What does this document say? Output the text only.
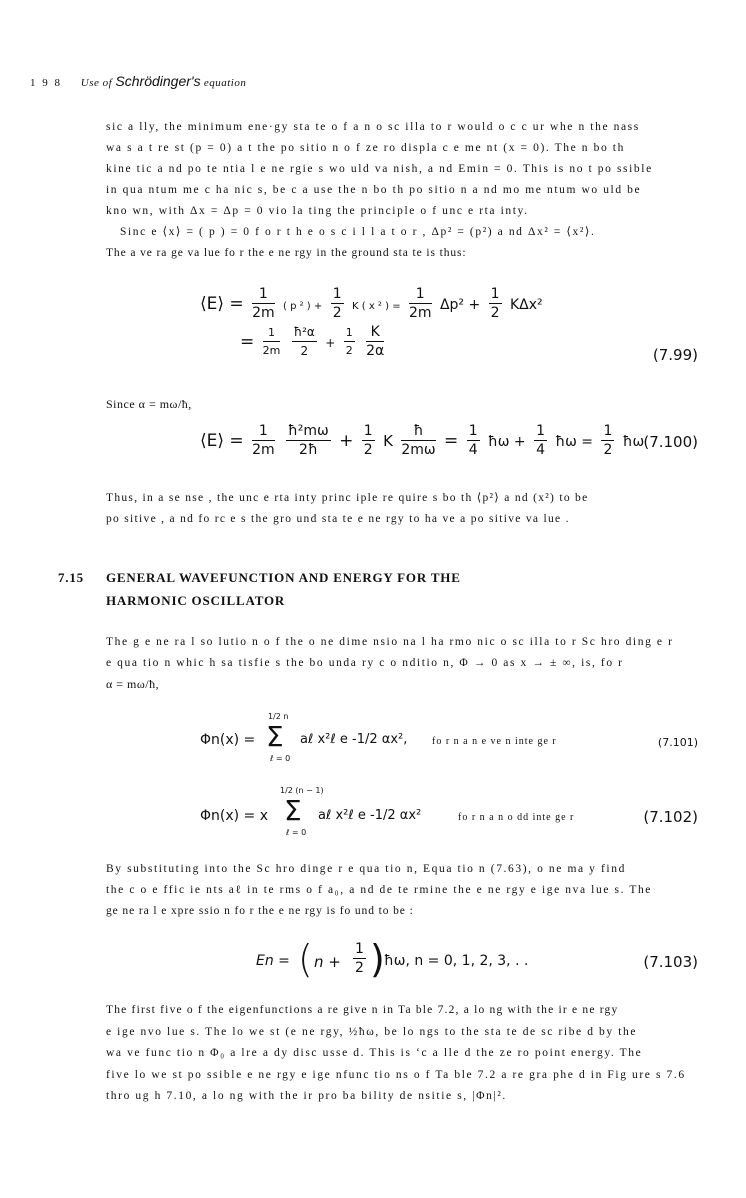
1 9 8 Use of Schrödinger's equation
sic a lly, the minimum ene·gy sta te o f a n o sc illa to r would o c c ur whe n the nass
wa s a t re st (p = 0) a t the po sitio n o f ze ro displa c e me nt (x = 0). The n bo th
kine tic a nd po te ntia l e ne rgie s wo uld va nish, a nd Emin = 0. This is no t po ssible
in qua ntum me c ha nic s, be c a use the n bo th po sitio n a nd mo me ntum wo uld be
kno wn, with Δx = Δp = 0 vio la ting the principle o f unc e rta inty.
Sinc e ⟨x⟩ = ( p ) = 0 f o r t h e o s c i l l a t o r , Δp² = (p²) a nd Δx² = ⟨x²⟩.
The a ve ra ge va lue fo r the e ne rgy in the ground sta te is thus:
⟨E⟩ = $\frac{1}{2m}$ ( p ² ) + $\frac{1}{2}$ K ( x ² ) = $\frac{1}{2m} \Delta p^2 + \frac{1}{2} K\Delta x^2$
= $\frac{1}{2m}$
$\frac{\text{ħ²α}}{2} + \frac{1}{2}$
$\frac{K}{2\alpha}$	(7.99)
Since α = mω/ħ,
⟨E⟩ = $\frac{1}{2m}$
$\frac{\text{ħ²mω}}{2ħ} + \frac{1}{2}$ K $\frac{ħ}{2m\omega} = \frac{1}{4}$ ħω + $\frac{1}{4}$ ħω = $\frac{1}{2}$ ħω (7.100)
Thus, in a se nse , the unc e rta inty princ iple re quire s bo th ⟨p²⟩ a nd (x²) to be
po sitive , a nd fo rc e s the gro und sta te e ne rgy to ha ve a po sitive va lue .
7.15 GENERAL WAVEFUNCTION AND ENERGY FOR THE
HARMONIC OSCILLATOR
The g e ne ra l so lutio n o f the o ne dime nsio na l ha rmo nic o sc illa to r Sc hro ding e r
e qua tio n whic h sa tisfie s the bo unda ry c o nditio n, Φ → 0 as x → ± ∞, is, fo r
α = mω/ħ,
Φn(x) =
1/2 n
Σ
ℓ = 0
aℓ x²ℓ e -1/2 αx², fo r n a n e ve n inte ge r	(7.101)
Φn(x) = x
1/2 (n − 1)
Σ
ℓ = 0
aℓ x²ℓ e -1/2 αx²	fo r n a n o dd inte ge r	(7.102)
By substituting into the Sc hro dinge r e qua tio n, Equa tio n (7.63), o ne ma y find
the c o e ffic ie nts aℓ in te rms o f a₀, a nd de te rmine the e ne rgy e ige nva lue s. The
ge ne ra l e xpre ssio n fo r the e ne rgy is fo und to be :
En = ( $n + \frac{1}{2}$ ) ħω, n = 0, 1, 2, 3, . .	(7.103)
The first five o f the eigenfunctions a re give n in Ta ble 7.2, a lo ng with the ir e ne rgy
e ige nvo lue s. The lo we st (e ne rgy, ½ħω, be lo ngs to the sta te de sc ribe d by the
wa ve func tio n Φ₀ a lre a dy disc usse d. This is ‘c a lle d the ze ro point energy. The
five lo we st po ssible e ne rgy e ige nfunc tio ns o f Ta ble 7.2 a re gra phe d in Fig ure s 7.6
thro ug h 7.10, a lo ng with the ir pro ba bility de nsitie s, |Φn|².
